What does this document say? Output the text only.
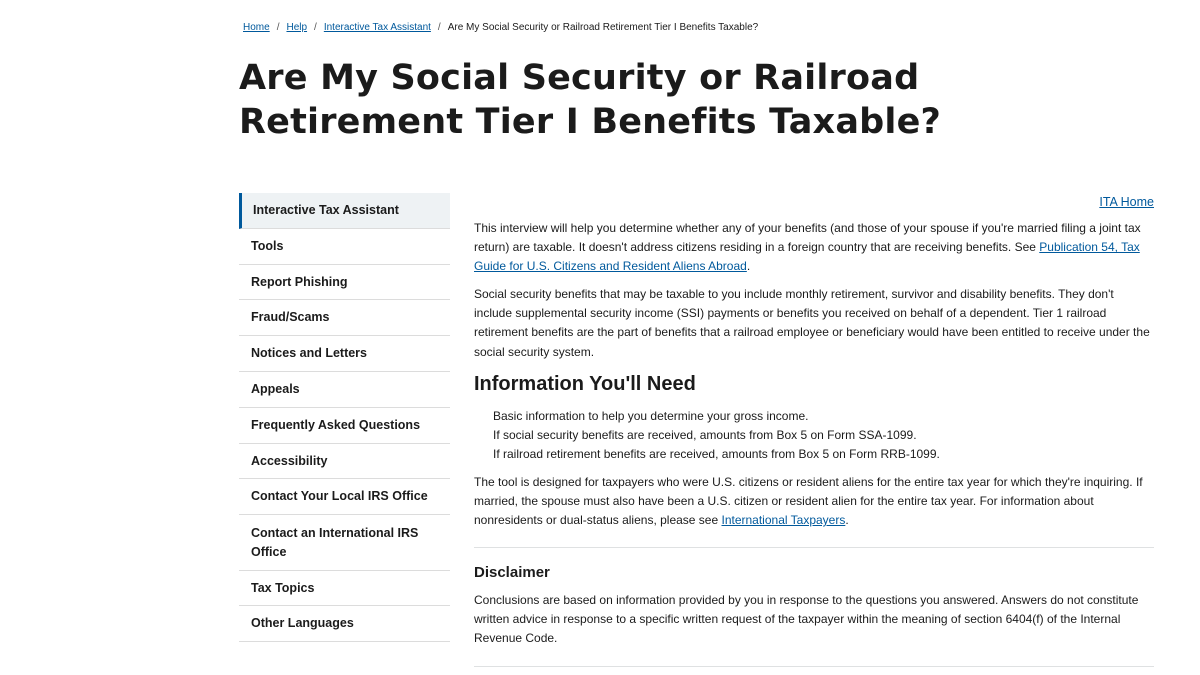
Home / Help / Interactive Tax Assistant / Are My Social Security or Railroad Retirement Tier I Benefits Taxable?
Are My Social Security or Railroad Retirement Tier I Benefits Taxable?
Interactive Tax Assistant
Tools
Report Phishing
Fraud/Scams
Notices and Letters
Appeals
Frequently Asked Questions
Accessibility
Contact Your Local IRS Office
Contact an International IRS Office
Tax Topics
Other Languages
ITA Home

This interview will help you determine whether any of your benefits (and those of your spouse if you're married filing a joint tax return) are taxable. It doesn't address citizens residing in a foreign country that are receiving benefits. See Publication 54, Tax Guide for U.S. Citizens and Resident Aliens Abroad.

Social security benefits that may be taxable to you include monthly retirement, survivor and disability benefits. They don't include supplemental security income (SSI) payments or benefits you received on behalf of a dependent. Tier 1 railroad retirement benefits are the part of benefits that a railroad employee or beneficiary would have been entitled to receive under the social security system.

Information You'll Need
Basic information to help you determine your gross income.
If social security benefits are received, amounts from Box 5 on Form SSA-1099.
If railroad retirement benefits are received, amounts from Box 5 on Form RRB-1099.

The tool is designed for taxpayers who were U.S. citizens or resident aliens for the entire tax year for which they're inquiring. If married, the spouse must also have been a U.S. citizen or resident alien for the entire tax year. For information about nonresidents or dual-status aliens, please see International Taxpayers.

Disclaimer

Conclusions are based on information provided by you in response to the questions you answered. Answers do not constitute written advice in response to a specific written request of the taxpayer within the meaning of section 6404(f) of the Internal Revenue Code.
